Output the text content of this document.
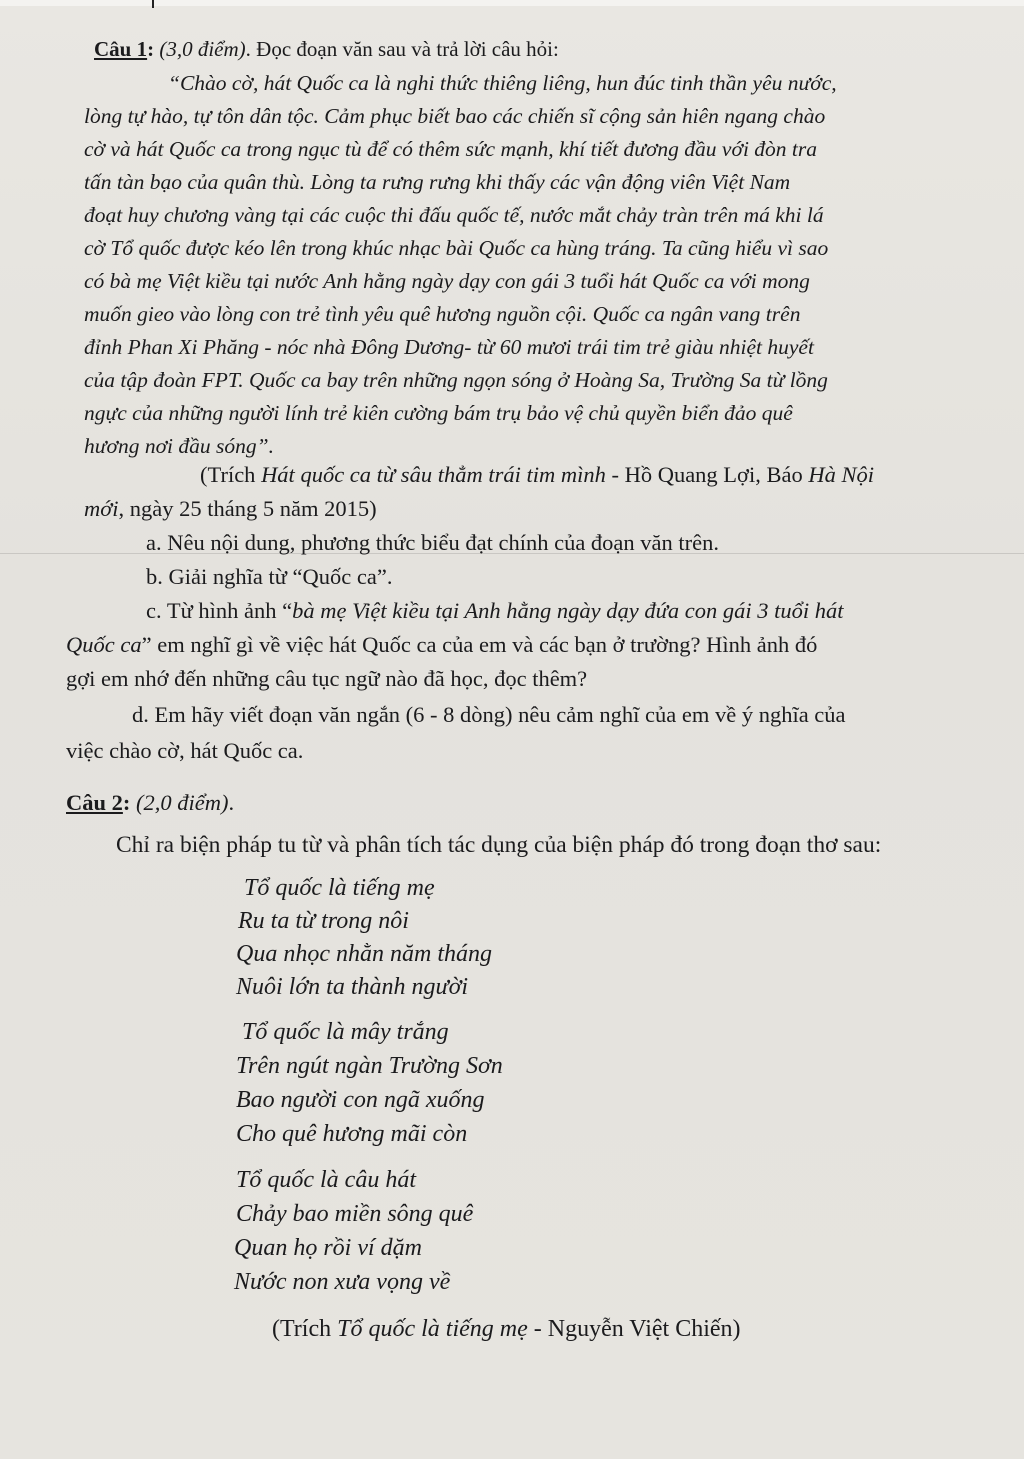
Câu 1: (3,0 điểm). Đọc đoạn văn sau và trả lời câu hỏi:
“Chào cờ, hát Quốc ca là nghi thức thiêng liêng, hun đúc tinh thần yêu nước,
lòng tự hào, tự tôn dân tộc. Cảm phục biết bao các chiến sĩ cộng sản hiên ngang chào
cờ và hát Quốc ca trong ngục tù để có thêm sức mạnh, khí tiết đương đầu với đòn tra
tấn tàn bạo của quân thù. Lòng ta rưng rưng khi thấy các vận động viên Việt Nam
đoạt huy chương vàng tại các cuộc thi đấu quốc tế, nước mắt chảy tràn trên má khi lá
cờ Tổ quốc được kéo lên trong khúc nhạc bài Quốc ca hùng tráng. Ta cũng hiểu vì sao
có bà mẹ Việt kiều tại nước Anh hằng ngày dạy con gái 3 tuổi hát Quốc ca với mong
muốn gieo vào lòng con trẻ tình yêu quê hương nguồn cội. Quốc ca ngân vang trên
đỉnh Phan Xi Phăng - nóc nhà Đông Dương- từ 60 mươi trái tim trẻ giàu nhiệt huyết
của tập đoàn FPT. Quốc ca bay trên những ngọn sóng ở Hoàng Sa, Trường Sa từ lồng
ngực của những người lính trẻ kiên cường bám trụ bảo vệ chủ quyền biển đảo quê
hương nơi đầu sóng”.
(Trích Hát quốc ca từ sâu thẳm trái tim mình - Hồ Quang Lợi, Báo Hà Nội
mới, ngày 25 tháng 5 năm 2015)
a. Nêu nội dung, phương thức biểu đạt chính của đoạn văn trên.
b. Giải nghĩa từ “Quốc ca”.
c. Từ hình ảnh “bà mẹ Việt kiều tại Anh hằng ngày dạy đứa con gái 3 tuổi hát
Quốc ca” em nghĩ gì về việc hát Quốc ca của em và các bạn ở trường? Hình ảnh đó
gợi em nhớ đến những câu tục ngữ nào đã học, đọc thêm?
d. Em hãy viết đoạn văn ngắn (6 - 8 dòng) nêu cảm nghĩ của em về ý nghĩa của
việc chào cờ, hát Quốc ca.
Câu 2: (2,0 điểm).
Chỉ ra biện pháp tu từ và phân tích tác dụng của biện pháp đó trong đoạn thơ sau:
Tổ quốc là tiếng mẹ
Ru ta từ trong nôi
Qua nhọc nhằn năm tháng
Nuôi lớn ta thành người
Tổ quốc là mây trắng
Trên ngút ngàn Trường Sơn
Bao người con ngã xuống
Cho quê hương mãi còn
Tổ quốc là câu hát
Chảy bao miền sông quê
Quan họ rồi ví dặm
Nước non xưa vọng về
(Trích Tổ quốc là tiếng mẹ - Nguyễn Việt Chiến)
